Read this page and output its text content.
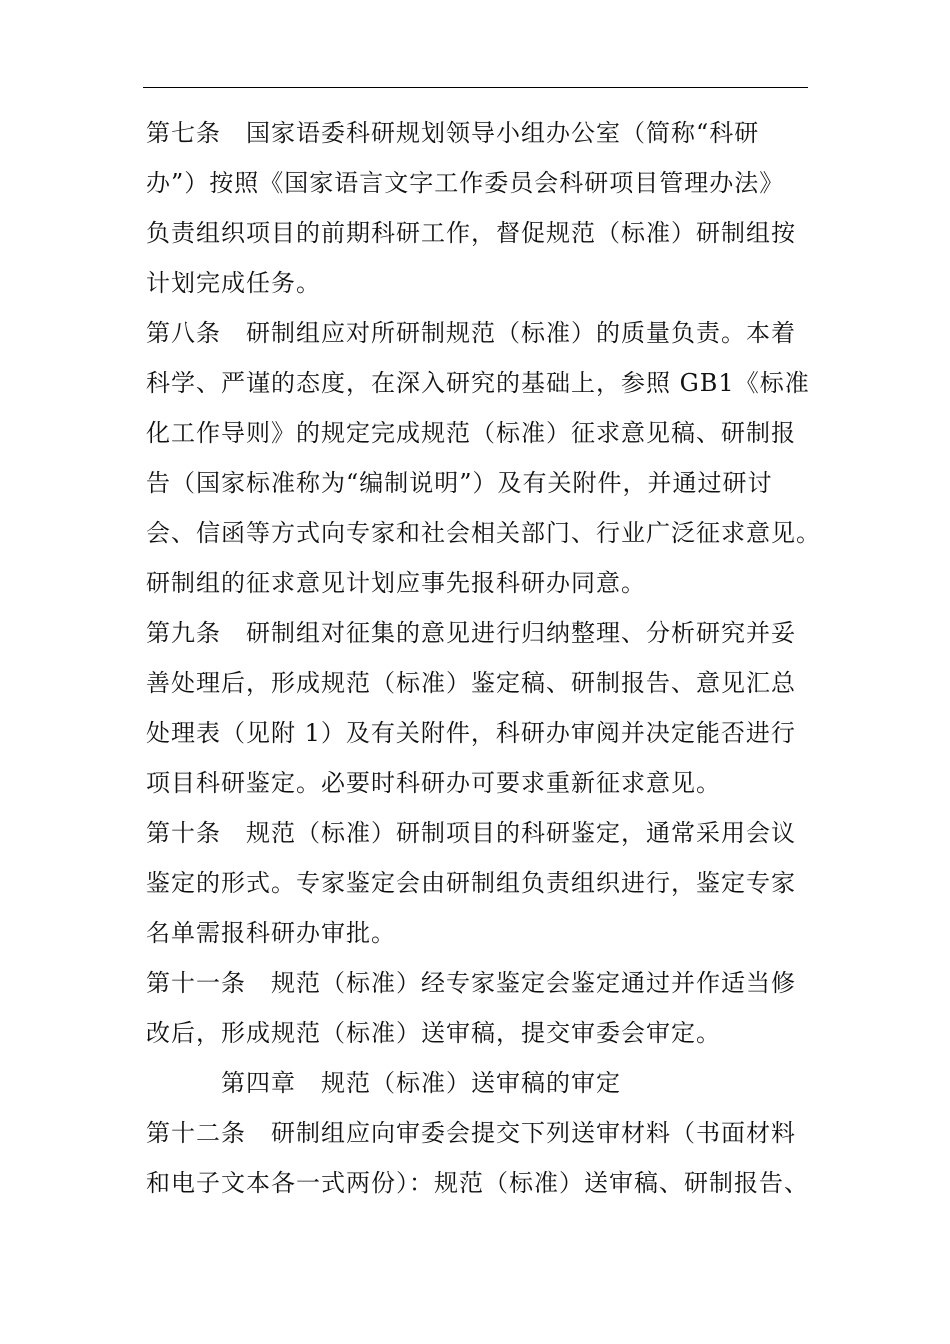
第七条　国家语委科研规划领导小组办公室（简称“科研
办”）按照《国家语言文字工作委员会科研项目管理办法》
负责组织项目的前期科研工作，督促规范（标准）研制组按
计划完成任务。
第八条　研制组应对所研制规范（标准）的质量负责。本着
科学、严谨的态度，在深入研究的基础上，参照 GB1《标准
化工作导则》的规定完成规范（标准）征求意见稿、研制报
告（国家标准称为“编制说明”）及有关附件，并通过研讨
会、信函等方式向专家和社会相关部门、行业广泛征求意见。
研制组的征求意见计划应事先报科研办同意。
第九条　研制组对征集的意见进行归纳整理、分析研究并妥
善处理后，形成规范（标准）鉴定稿、研制报告、意见汇总
处理表（见附 1）及有关附件，科研办审阅并决定能否进行
项目科研鉴定。必要时科研办可要求重新征求意见。
第十条　规范（标准）研制项目的科研鉴定，通常采用会议
鉴定的形式。专家鉴定会由研制组负责组织进行，鉴定专家
名单需报科研办审批。
第十一条　规范（标准）经专家鉴定会鉴定通过并作适当修
改后，形成规范（标准）送审稿，提交审委会审定。
第四章　规范（标准）送审稿的审定
第十二条　研制组应向审委会提交下列送审材料（书面材料
和电子文本各一式两份）：规范（标准）送审稿、研制报告、
